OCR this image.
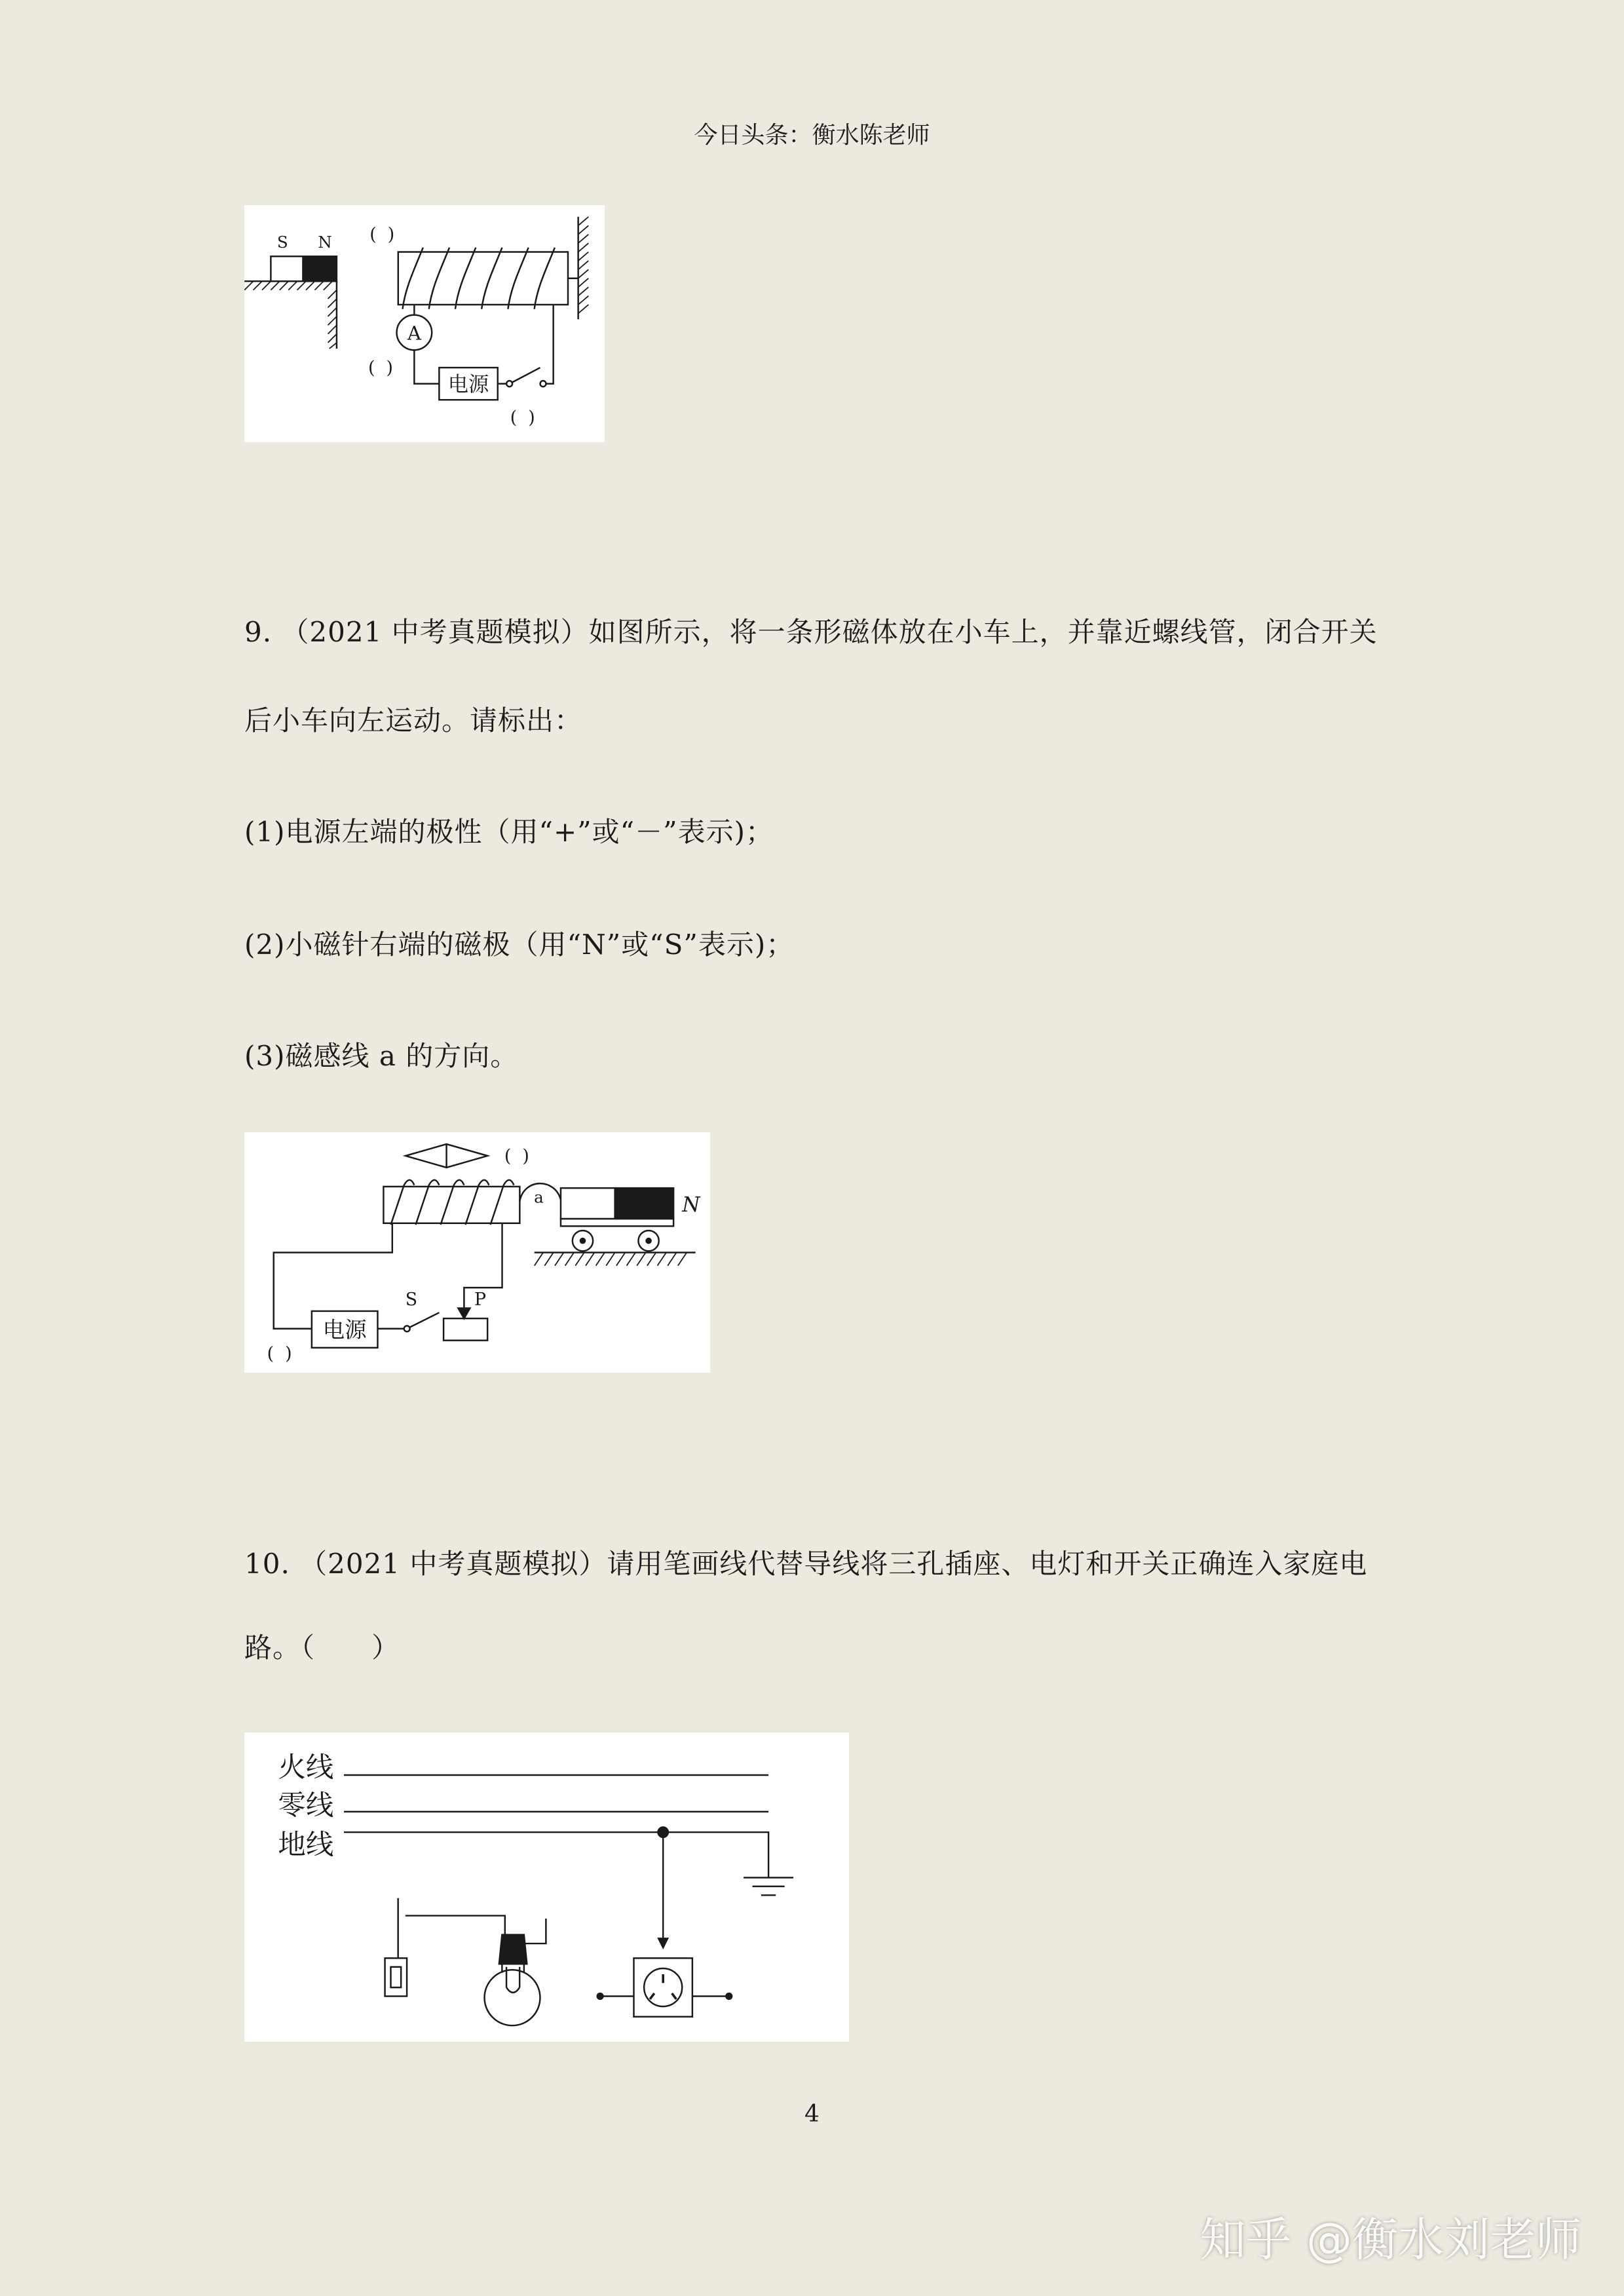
今日头条：衡水陈老师
S	N	(  )
A
电源
(  )
(  )
9. （2021 中考真题模拟）如图所示，将一条形磁体放在小车上，并靠近螺线管，闭合开关
后小车向左运动。请标出：
(1)电源左端的极性（用“+”或“－”表示)；
(2)小磁针右端的磁极（用“N”或“S”表示)；
(3)磁感线 a 的方向。
(  )
a	N
电源
S	P
(  )
10. （2021 中考真题模拟）请用笔画线代替导线将三孔插座、电灯和开关正确连入家庭电
路。（      ）
火线
零线
地线
4
知乎 @衡水刘老师
